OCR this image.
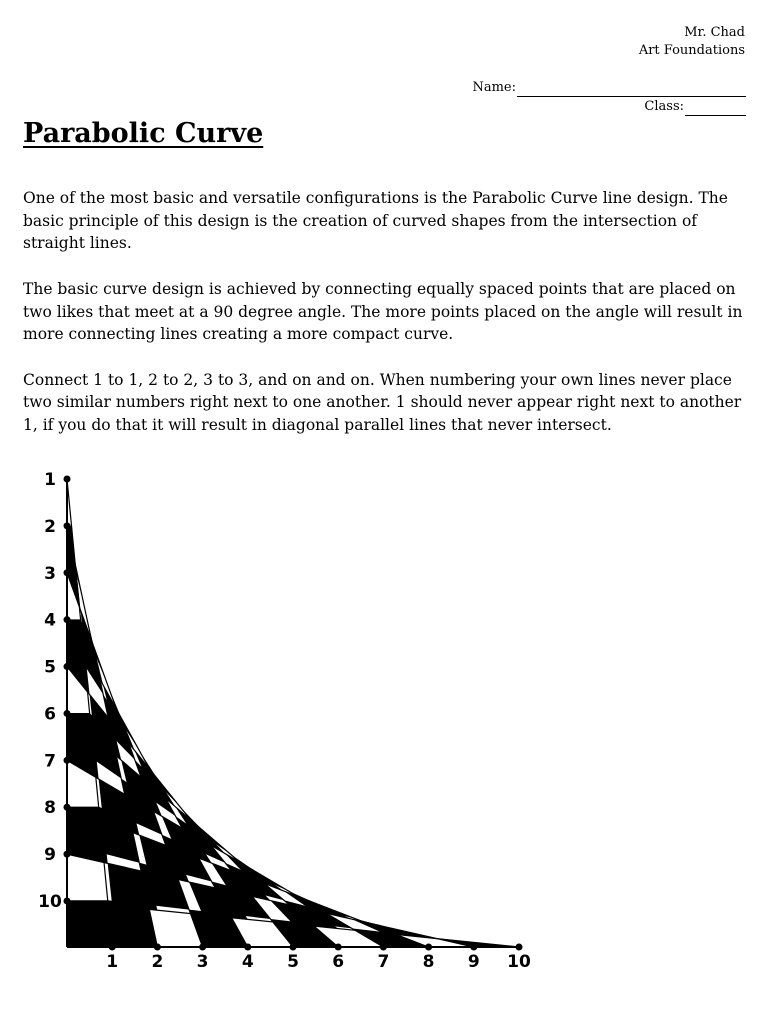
Mr. Chad
Art Foundations
Name:
Class:
Parabolic Curve

One of the most basic and versatile configurations is the Parabolic Curve line design. The basic principle of this design is the creation of curved shapes from the intersection of straight lines.

The basic curve design is achieved by connecting equally spaced points that are placed on two likes that meet at a 90 degree angle. The more points placed on the angle will result in more connecting lines creating a more compact curve.

Connect 1 to 1, 2 to 2, 3 to 3, and on and on. When numbering your own lines never place two similar numbers right next to one another. 1 should never appear right next to another 1, if you do that it will result in diagonal parallel lines that never intersect.

1
2
3
4
5
6
7
8
9
10
1 2 3 4 5 6 7 8 9 10
